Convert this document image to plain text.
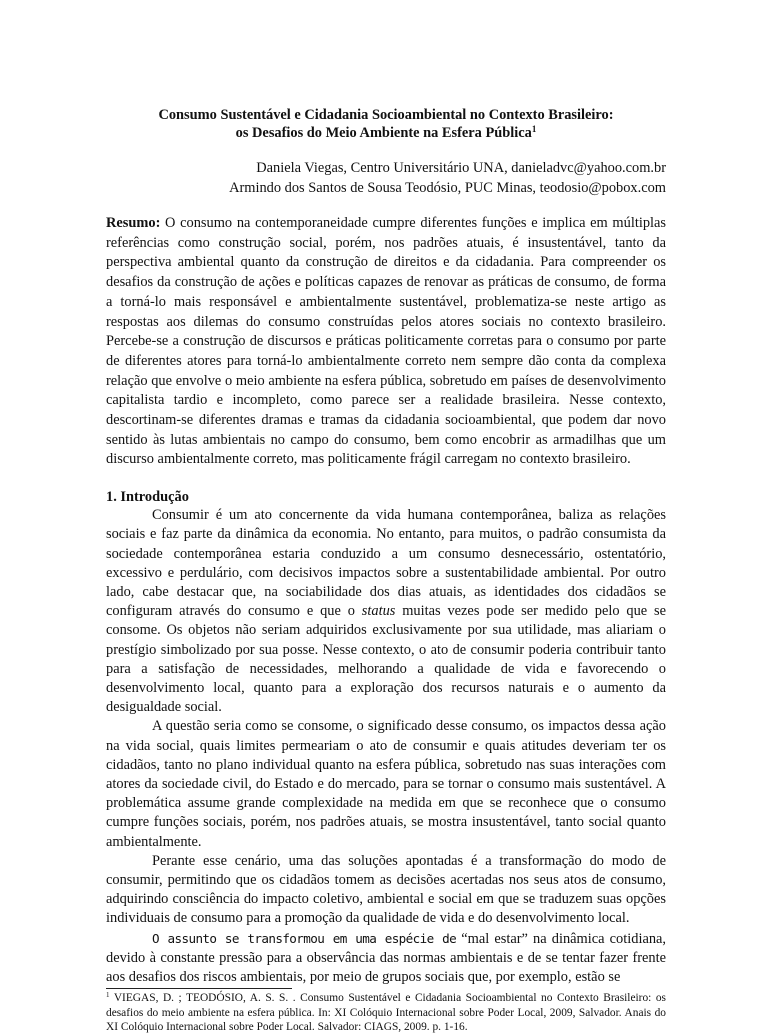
Consumo Sustentável e Cidadania Socioambiental no Contexto Brasileiro:
os Desafios do Meio Ambiente na Esfera Pública$^1$
Daniela Viegas, Centro Universitário UNA, danieladvc@yahoo.com.br
Armindo dos Santos de Sousa Teodósio, PUC Minas, teodosio@pobox.com
Resumo: O consumo na contemporaneidade cumpre diferentes funções e implica em múltiplas referências como construção social, porém, nos padrões atuais, é insustentável, tanto da perspectiva ambiental quanto da construção de direitos e da cidadania. Para compreender os desafios da construção de ações e políticas capazes de renovar as práticas de consumo, de forma a torná-lo mais responsável e ambientalmente sustentável, problematiza-se neste artigo as respostas aos dilemas do consumo construídas pelos atores sociais no contexto brasileiro. Percebe-se a construção de discursos e práticas politicamente corretas para o consumo por parte de diferentes atores para torná-lo ambientalmente correto nem sempre dão conta da complexa relação que envolve o meio ambiente na esfera pública, sobretudo em países de desenvolvimento capitalista tardio e incompleto, como parece ser a realidade brasileira. Nesse contexto, descortinam-se diferentes dramas e tramas da cidadania socioambiental, que podem dar novo sentido às lutas ambientais no campo do consumo, bem como encobrir as armadilhas que um discurso ambientalmente correto, mas politicamente frágil carregam no contexto brasileiro.
1. Introdução

Consumir é um ato concernente da vida humana contemporânea, baliza as relações sociais e faz parte da dinâmica da economia. No entanto, para muitos, o padrão consumista da sociedade contemporânea estaria conduzido a um consumo desnecessário, ostentatório, excessivo e perdulário, com decisivos impactos sobre a sustentabilidade ambiental. Por outro lado, cabe destacar que, na sociabilidade dos dias atuais, as identidades dos cidadãos se configuram através do consumo e que o status muitas vezes pode ser medido pelo que se consome. Os objetos não seriam adquiridos exclusivamente por sua utilidade, mas aliariam o prestígio simbolizado por sua posse. Nesse contexto, o ato de consumir poderia contribuir tanto para a satisfação de necessidades, melhorando a qualidade de vida e favorecendo o desenvolvimento local, quanto para a exploração dos recursos naturais e o aumento da desigualdade social.

A questão seria como se consome, o significado desse consumo, os impactos dessa ação na vida social, quais limites permeariam o ato de consumir e quais atitudes deveriam ter os cidadãos, tanto no plano individual quanto na esfera pública, sobretudo nas suas interações com atores da sociedade civil, do Estado e do mercado, para se tornar o consumo mais sustentável. A problemática assume grande complexidade na medida em que se reconhece que o consumo cumpre funções sociais, porém, nos padrões atuais, se mostra insustentável, tanto social quanto ambientalmente.

Perante esse cenário, uma das soluções apontadas é a transformação do modo de consumir, permitindo que os cidadãos tomem as decisões acertadas nos seus atos de consumo, adquirindo consciência do impacto coletivo, ambiental e social em que se traduzem suas opções individuais de consumo para a promoção da qualidade de vida e do desenvolvimento local.

O assunto se transformou em uma espécie de “mal estar” na dinâmica cotidiana, devido à constante pressão para a observância das normas ambientais e de se tentar fazer frente aos desafios dos riscos ambientais, por meio de grupos sociais que, por exemplo, estão se

$^1$ VIEGAS, D. ; TEODÓSIO, A. S. S. . Consumo Sustentável e Cidadania Socioambiental no Contexto Brasileiro: os desafios do meio ambiente na esfera pública. In: XI Colóquio Internacional sobre Poder Local, 2009, Salvador. Anais do XI Colóquio Internacional sobre Poder Local. Salvador: CIAGS, 2009. p. 1-16.
